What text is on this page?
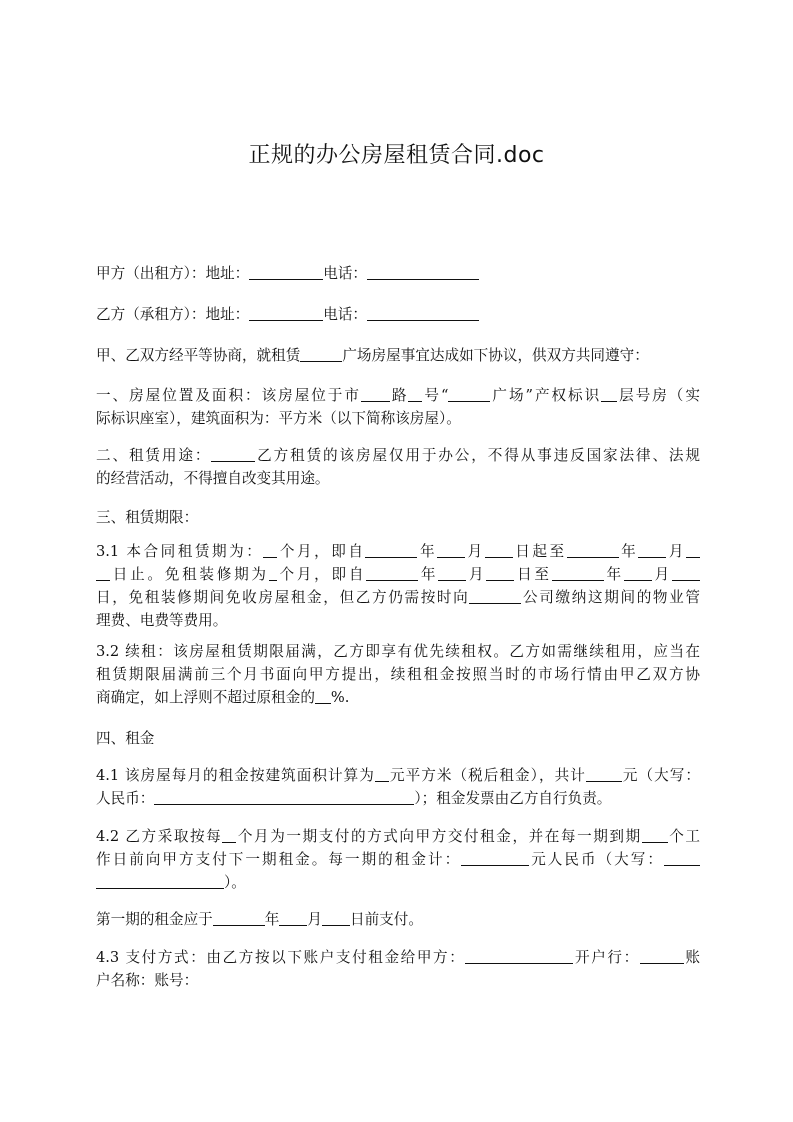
正规的办公房屋租赁合同.doc
甲方（出租方）：地址：	电话：
乙方（承租方）：地址：	电话：
甲、乙双方经平等协商，就租赁	广场房屋事宜达成如下协议，供双方共同遵守：
一、房屋位置及面积：该房屋位于市 路 号“	广场”产权标识 层号房（实
际标识座室），建筑面积为：平方米（以下简称该房屋）。
二、租赁用途：	乙方租赁的该房屋仅用于办公，不得从事违反国家法律、法规
的经营活动，不得擅自改变其用途。
三、租赁期限：
3.1 本合同租赁期为： 个月，即自	年 月 日起至	年 月
日止。免租装修期为 个月，即自	年 月 日至	年 月
日，免租装修期间免收房屋租金，但乙方仍需按时向	公司缴纳这期间的物业管
理费、电费等费用。
3.2 续租：该房屋租赁期限届满，乙方即享有优先续租权。乙方如需继续租用，应当在
租赁期限届满前三个月书面向甲方提出，续租租金按照当时的市场行情由甲乙双方协
商确定，如上浮则不超过原租金的 %.
四、租金
4.1 该房屋每月的租金按建筑面积计算为 元平方米（税后租金），共计 元（大写：
人民币：	）；租金发票由乙方自行负责。
4.2 乙方采取按每 个月为一期支付的方式向甲方交付租金，并在每一期到期 个工
作日前向甲方支付下一期租金。每一期的租金计：	元人民币（大写：
）。
第一期的租金应于	年 月 日前支付。
4.3 支付方式：由乙方按以下账户支付租金给甲方：	开户行：	账
户名称：账号：
